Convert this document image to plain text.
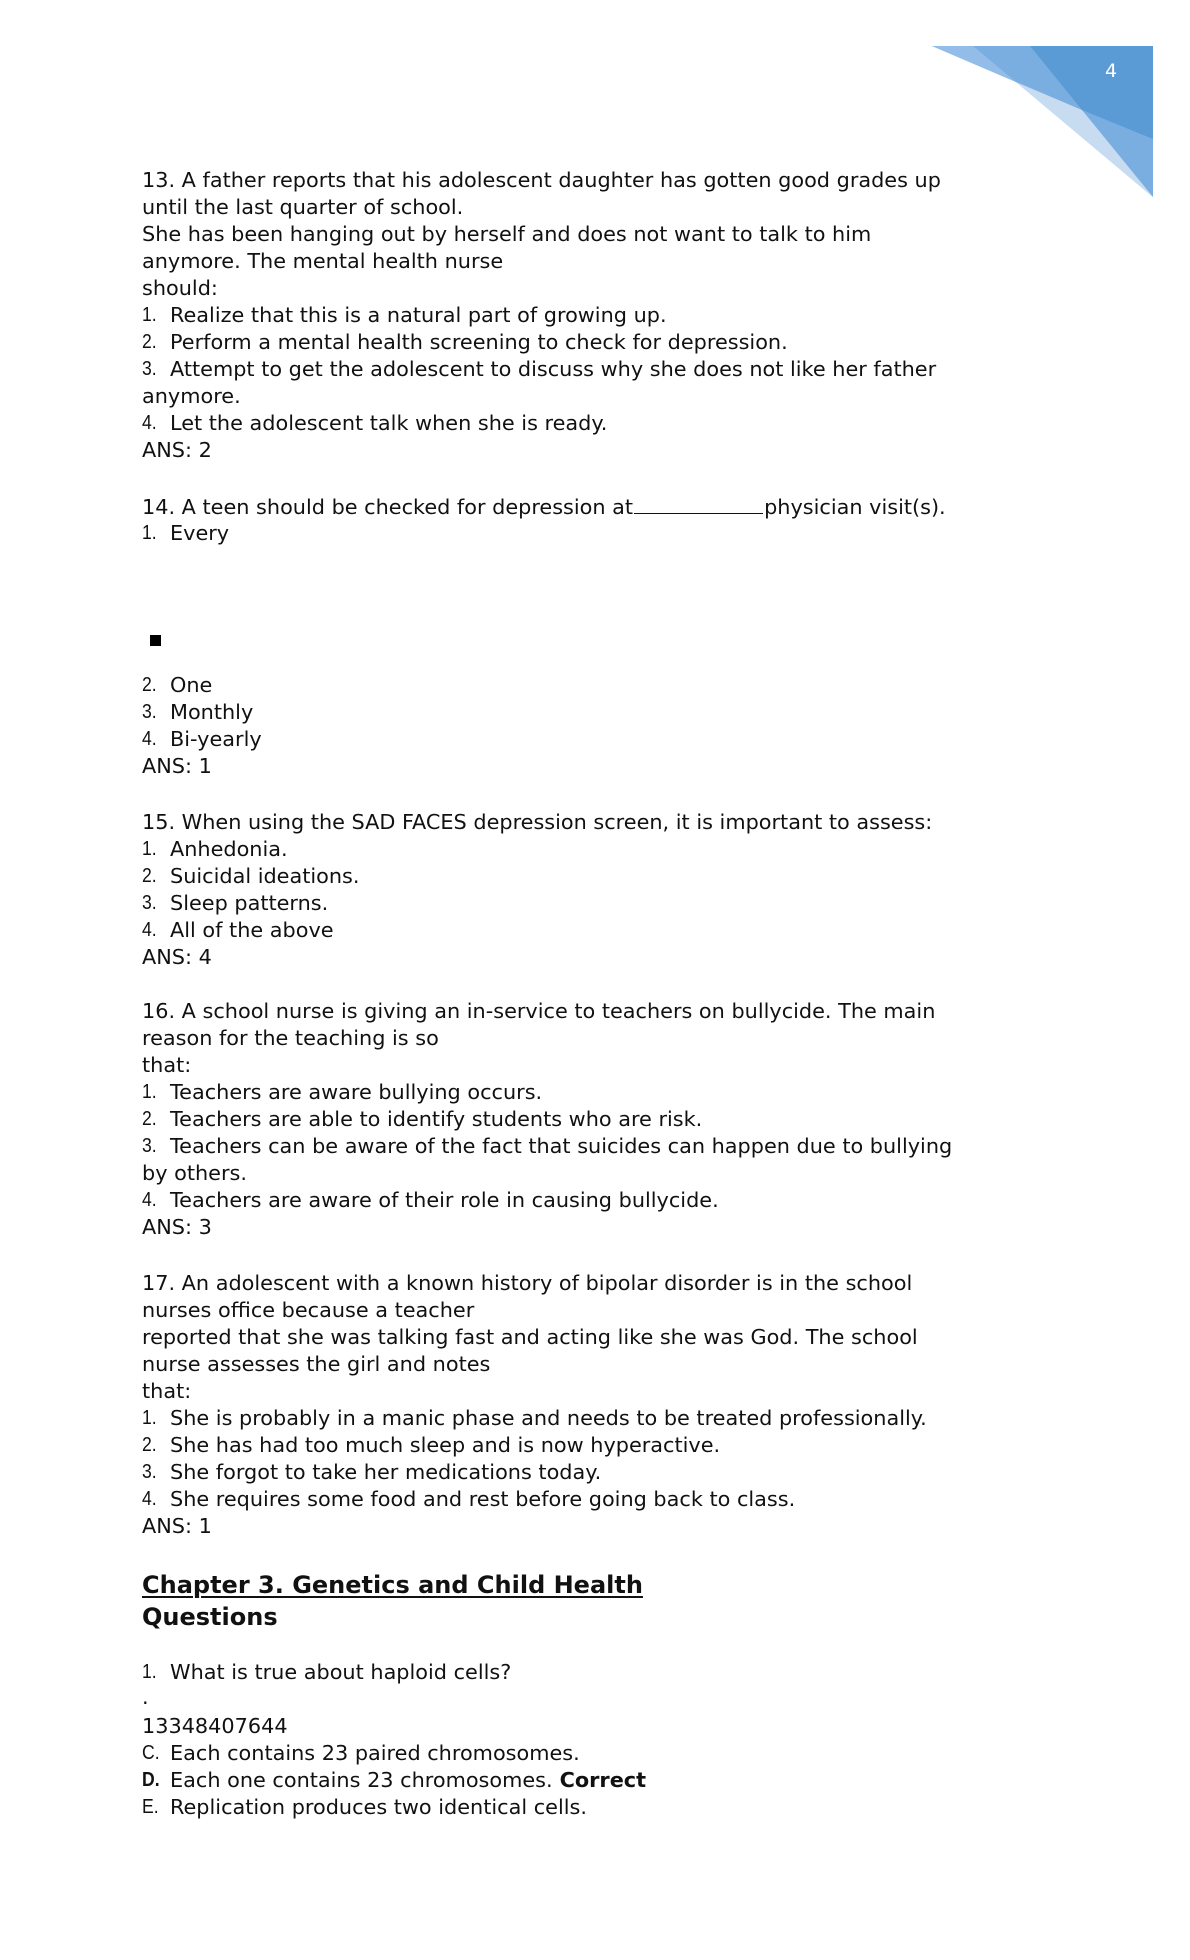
4
13. A father reports that his adolescent daughter has gotten good grades up
until the last quarter of school.
She has been hanging out by herself and does not want to talk to him
anymore. The mental health nurse
should:
1. Realize that this is a natural part of growing up.
2. Perform a mental health screening to check for depression.
3. Attempt to get the adolescent to discuss why she does not like her father
anymore.
4. Let the adolescent talk when she is ready.
ANS: 2
14. A teen should be checked for depression at	physician visit(s).
1. Every
2. One
3. Monthly
4. Bi-yearly
ANS: 1
15. When using the SAD FACES depression screen, it is important to assess:
1. Anhedonia.
2. Suicidal ideations.
3. Sleep patterns.
4. All of the above
ANS: 4
16. A school nurse is giving an in-service to teachers on bullycide. The main
reason for the teaching is so
that:
1. Teachers are aware bullying occurs.
2. Teachers are able to identify students who are risk.
3. Teachers can be aware of the fact that suicides can happen due to bullying
by others.
4. Teachers are aware of their role in causing bullycide.
ANS: 3
17. An adolescent with a known history of bipolar disorder is in the school
nurses office because a teacher
reported that she was talking fast and acting like she was God. The school
nurse assesses the girl and notes
that:
1. She is probably in a manic phase and needs to be treated professionally.
2. She has had too much sleep and is now hyperactive.
3. She forgot to take her medications today.
4. She requires some food and rest before going back to class.
ANS: 1
Chapter 3. Genetics and Child Health
Questions
1. What is true about haploid cells?
.
13348407644
C. Each contains 23 paired chromosomes.
D. Each one contains 23 chromosomes. Correct
E. Replication produces two identical cells.
